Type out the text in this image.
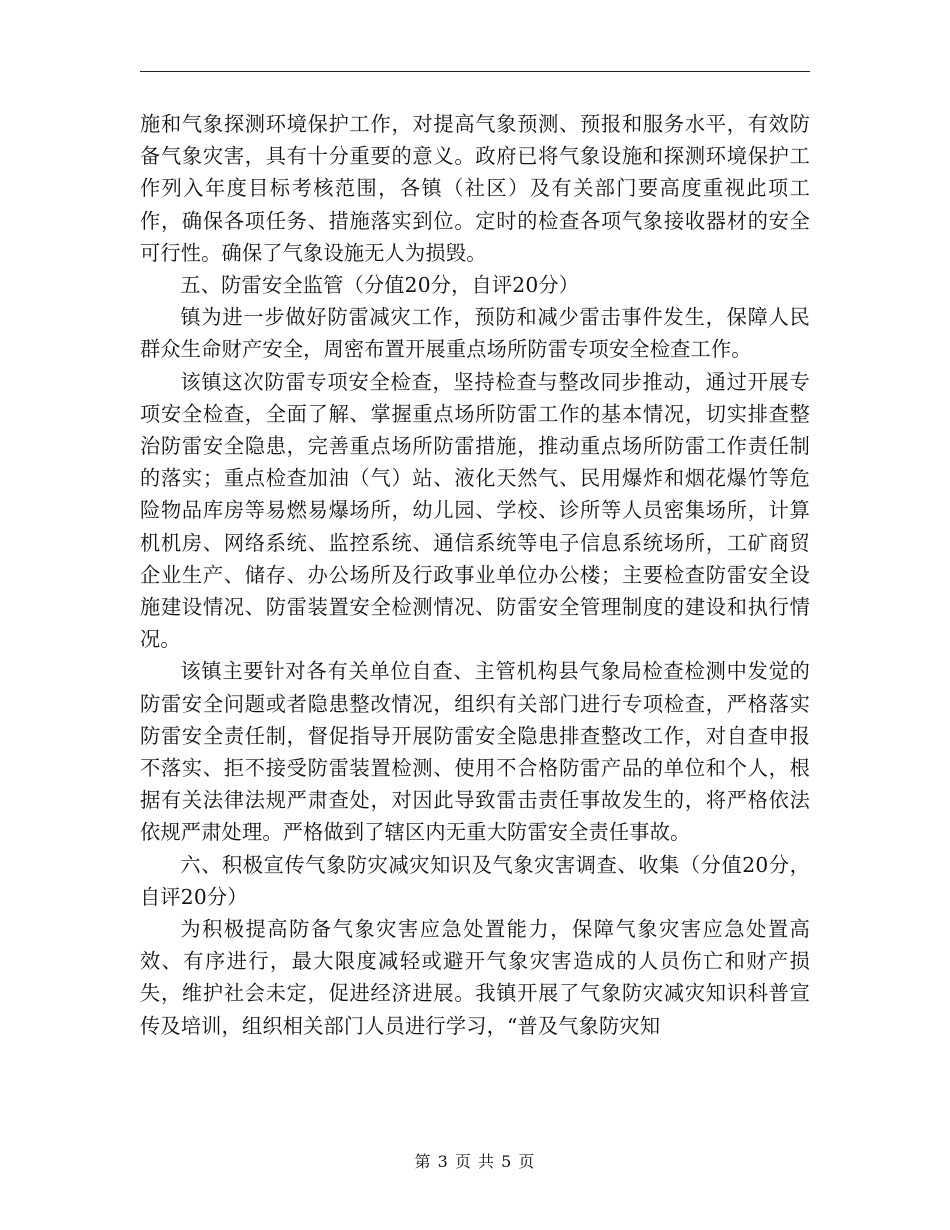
施和气象探测环境保护工作，对提高气象预测、预报和服务水平，有效防备气象灾害，具有十分重要的意义。政府已将气象设施和探测环境保护工作列入年度目标考核范围，各镇（社区）及有关部门要高度重视此项工作，确保各项任务、措施落实到位。定时的检查各项气象接收器材的安全可行性。确保了气象设施无人为损毁。

五、防雷安全监管（分值20分，自评20分）

镇为进一步做好防雷减灾工作，预防和减少雷击事件发生，保障人民群众生命财产安全，周密布置开展重点场所防雷专项安全检查工作。

该镇这次防雷专项安全检查，坚持检查与整改同步推动，通过开展专项安全检查，全面了解、掌握重点场所防雷工作的基本情况，切实排查整治防雷安全隐患，完善重点场所防雷措施，推动重点场所防雷工作责任制的落实；重点检查加油（气）站、液化天然气、民用爆炸和烟花爆竹等危险物品库房等易燃易爆场所，幼儿园、学校、诊所等人员密集场所，计算机机房、网络系统、监控系统、通信系统等电子信息系统场所，工矿商贸企业生产、储存、办公场所及行政事业单位办公楼；主要检查防雷安全设施建设情况、防雷装置安全检测情况、防雷安全管理制度的建设和执行情况。

该镇主要针对各有关单位自查、主管机构县气象局检查检测中发觉的防雷安全问题或者隐患整改情况，组织有关部门进行专项检查，严格落实防雷安全责任制，督促指导开展防雷安全隐患排查整改工作，对自查申报不落实、拒不接受防雷装置检测、使用不合格防雷产品的单位和个人，根据有关法律法规严肃查处，对因此导致雷击责任事故发生的，将严格依法依规严肃处理。严格做到了辖区内无重大防雷安全责任事故。

六、积极宣传气象防灾减灾知识及气象灾害调查、收集（分值20分，自评20分）

为积极提高防备气象灾害应急处置能力，保障气象灾害应急处置高效、有序进行，最大限度减轻或避开气象灾害造成的人员伤亡和财产损失，维护社会未定，促进经济进展。我镇开展了气象防灾减灾知识科普宣传及培训，组织相关部门人员进行学习，“普及气象防灾知

第 3 页 共 5 页
